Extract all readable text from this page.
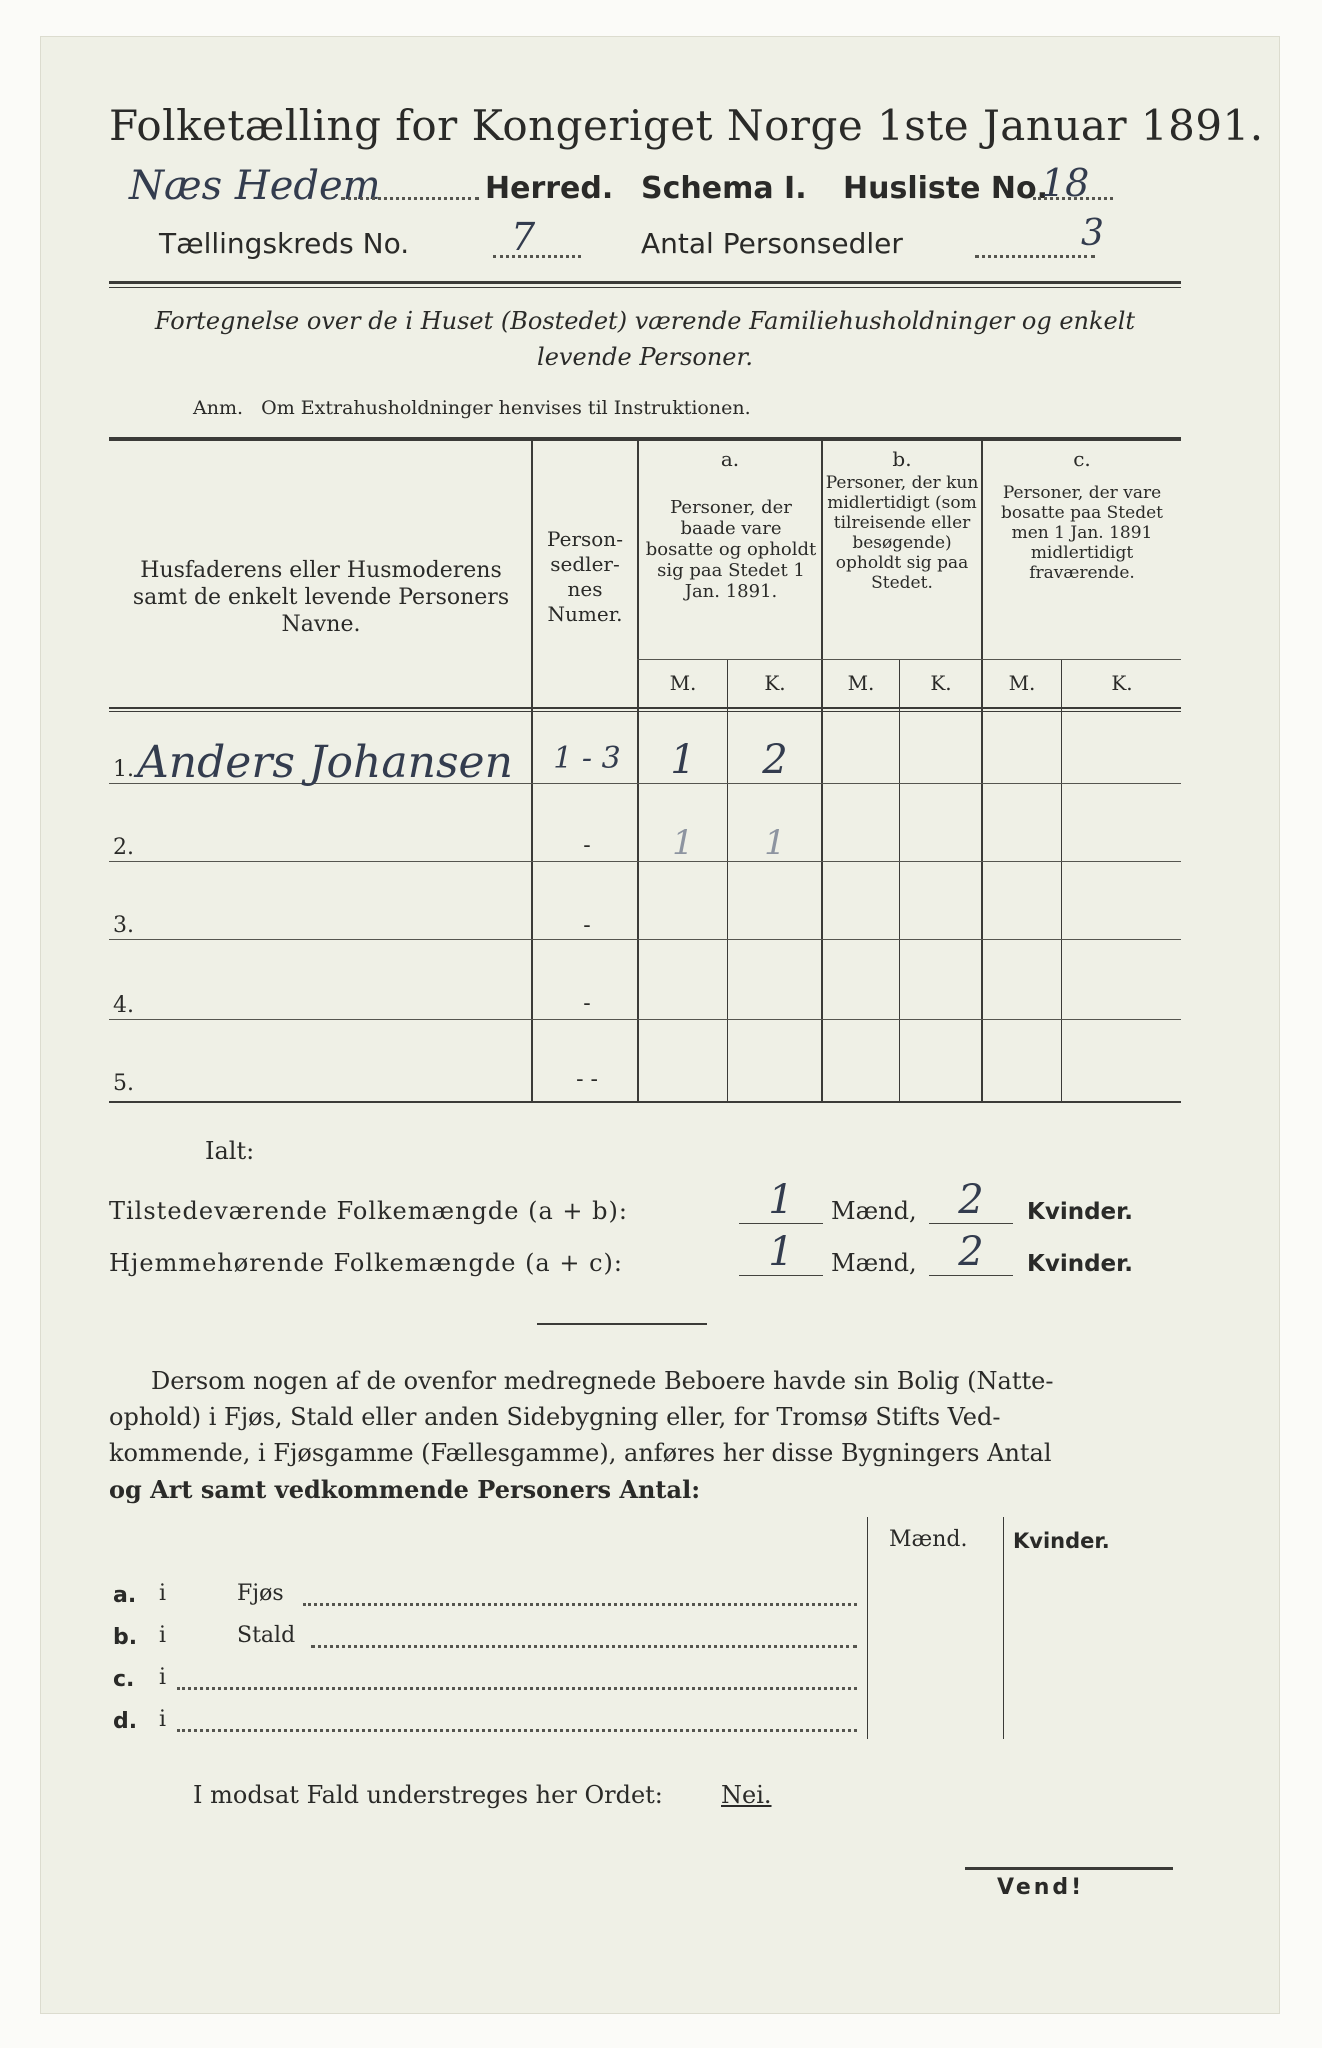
Folketælling for Kongeriget Norge 1ste Januar 1891.
Næs Hedem	Herred. Schema I. Husliste No.
18
Tællingskreds No.	7	Antal Personsedler	3
Fortegnelse over de i Huset (Bostedet) værende Familiehusholdninger og enkelt
levende Personer.
Anm.   Om Extrahusholdninger henvises til Instruktionen.
Husfaderens eller Husmoderens samt de enkelt levende Personers Navne.
Person-sedler-nes Numer.
a.
Personer, der baade vare bosatte og opholdt sig paa Stedet 1 Jan. 1891.
b.
Personer, der kun midlertidigt (som tilreisende eller besøgende) opholdt sig paa Stedet.
c.
Personer, der vare bosatte paa Stedet men 1 Jan. 1891 midlertidigt fraværende.
M.	K.	M.	K.	M.	K.
1. Anders Johansen	1 - 3	1	2
2.	-	1	1
3.	-
4.	-
5.	- -
Ialt:
Tilstedeværende Folkemængde (a + b):	1	Mænd,	2	Kvinder.
Hjemmehørende Folkemængde (a + c):	1	Mænd,	2	Kvinder.
Dersom nogen af de ovenfor medregnede Beboere havde sin Bolig (Natte-
ophold) i Fjøs, Stald eller anden Sidebygning eller, for Tromsø Stifts Ved-
kommende, i Fjøsgamme (Fællesgamme), anføres her disse Bygningers Antal
og Art samt vedkommende Personers Antal:
Mænd. Kvinder.
a. i	Fjøs
b. i	Stald
c. i
d. i
I modsat Fald understreges her Ordet: Nei.
Vend!
